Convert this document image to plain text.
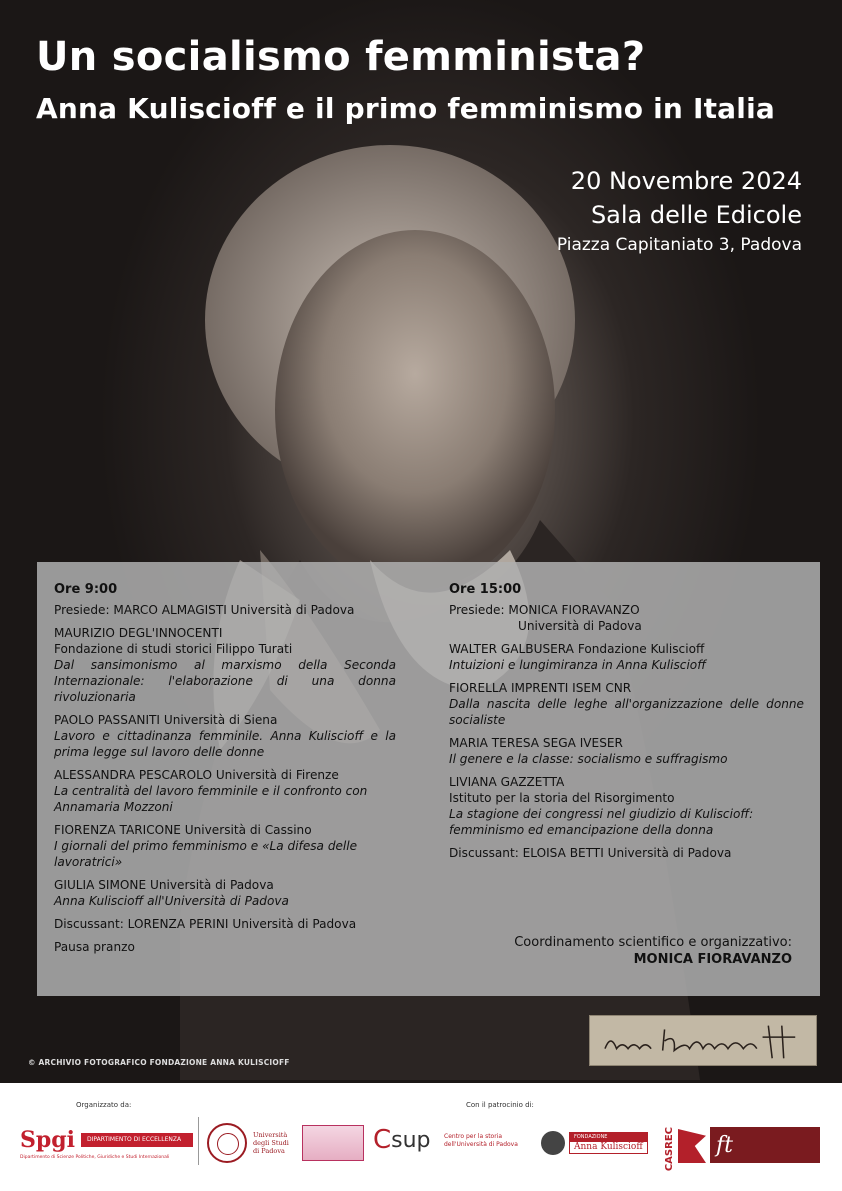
Un socialismo femminista?
Anna Kuliscioff e il primo femminismo in Italia
20 Novembre 2024
Sala delle Edicole
Piazza Capitaniato 3, Padova
Ore 9:00
Presiede: MARCO ALMAGISTI Università di Padova
MAURIZIO DEGL'INNOCENTI
Fondazione di studi storici Filippo Turati
Dal sansimonismo al marxismo della Seconda Internazionale: l'elaborazione di una donna rivoluzionaria
PAOLO PASSANITI Università di Siena
Lavoro e cittadinanza femminile. Anna Kuliscioff e la prima legge sul lavoro delle donne
ALESSANDRA PESCAROLO Università di Firenze
La centralità del lavoro femminile e il confronto con Annamaria Mozzoni
FIORENZA TARICONE Università di Cassino
I giornali del primo femminismo e «La difesa delle lavoratrici»
GIULIA SIMONE Università di Padova
Anna Kuliscioff all'Università di Padova
Discussant: LORENZA PERINI Università di Padova
Pausa pranzo
Ore 15:00
Presiede: MONICA FIORAVANZO
Università di Padova
WALTER GALBUSERA Fondazione Kuliscioff
Intuizioni e lungimiranza in Anna Kuliscioff
FIORELLA IMPRENTI ISEM CNR
Dalla nascita delle leghe all'organizzazione delle donne socialiste
MARIA TERESA SEGA IVESER
Il genere e la classe: socialismo e suffragismo
LIVIANA GAZZETTA
Istituto per la storia del Risorgimento
La stagione dei congressi nel giudizio di Kuliscioff: femminismo ed emancipazione della donna
Discussant: ELOISA BETTI Università di Padova
Coordinamento scientifico e organizzativo:
MONICA FIORAVANZO
© ARCHIVIO FOTOGRAFICO FONDAZIONE ANNA KULISCIOFF
Organizzato da:	Con il patrocinio di:
Spgi	DIPARTIMENTO DI ECCELLENZA
Dipartimento di Scienze Politiche, Giuridiche e Studi Internazionali
Università degli Studi di Padova	C sup Centro per la storia dell'Università di Padova
FONDAZIONE
Anna Kuliscioff	CASREC ft
